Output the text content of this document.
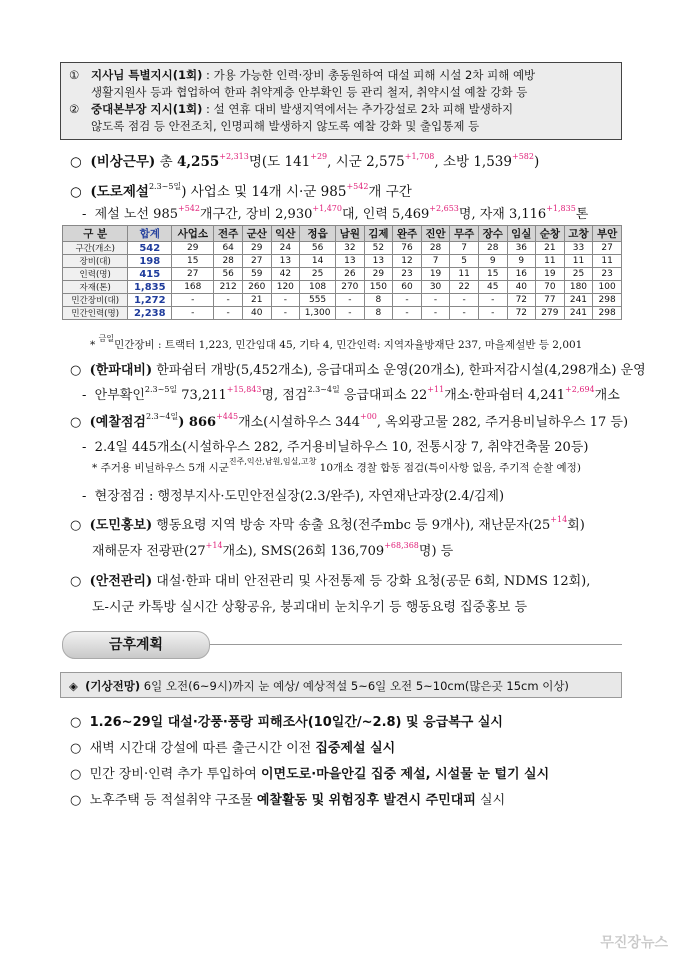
①	지사님 특별지시(1회) : 가용 가능한 인력·장비 총동원하여 대설 피해 시설 2차 피해 예방
생활지원사 등과 협업하여 한파 취약계층 안부확인 등 관리 철저, 취약시설 예찰 강화 등
②	중대본부장 지시(1회) : 설 연휴 대비 발생지역에서는 추가강설로 2차 피해 발생하지
않도록 점검 등 안전조치, 인명피해 발생하지 않도록 예찰 강화 및 출입통제 등
○ (비상근무) 총 $4,255^{+2,313}$명(도 $141^{+29}$, 시군 $2,575^{+1,708}$, 소방 $1,539^{+582}$)
○ (도로제설$^{2.3\sim 5일}$) 사업소 및 14개 시·군 $985^{+542}$개 구간
- 제설 노선 $985^{+542}$개구간, 장비 $2,930^{+1,470}$대, 인력 $5,469^{+2,653}$명, 자재 $3,116^{+1,835}$톤
구 분	합계	사업소	전주	군산	익산	정읍	남원	김제	완주	진안	무주	장수	임실	순창	고창	부안
구간(개소)	542	29	64	29	24	56	32	52	76	28	7	28	36	21	33	27
장비(대)	198	15	28	27	13	14	13	13	12	7	5	9	9	11	11	11
인력(명)	415	27	56	59	42	25	26	29	23	19	11	15	16	19	25	23
자재(톤)	1,835	168	212	260	120	108	270	150	60	30	22	45	40	70	180	100
민간장비(대)	1,272	-	-	21	-	555	-	8	-	-	-	-	72	77	241	298
민간인력(명)	2,238	-	-	40	-	1,300	-	8	-	-	-	-	72	279	241	298
* $^{금일}$민간장비 : 트랙터 1,223, 민간임대 45, 기타 4, 민간인력: 지역자율방재단 237, 마을제설반 등 2,001
○ (한파대비) 한파쉼터 개방(5,452개소), 응급대피소 운영(20개소), 한파저감시설(4,298개소) 운영
- 안부확인$^{2.3\sim 5일}$ $73,211^{+15,843}$명, 점검$^{2.3\sim 4일}$ 응급대피소 $22^{+11}$개소·한파쉼터 $4,241^{+2,694}$개소
○ (예찰점검$^{2.3\sim 4일}$) $866^{+445}$개소(시설하우스 $344^{+00}$, 옥외광고물 282, 주거용비닐하우스 17 등)
- 2.4일 445개소(시설하우스 282, 주거용비닐하우스 10, 전통시장 7, 취약건축물 20등)
* 주거용 비닐하우스 5개 시군$^{진주,익산,남원,임실,고창}$ 10개소 경찰 합동 점검(특이사항 없음, 주기적 순찰 예정)
- 현장점검 : 행정부지사·도민안전실장(2.3/완주), 자연재난과장(2.4/김제)
○ (도민홍보) 행동요령 지역 방송 자막 송출 요청(전주mbc 등 9개사), 재난문자($25^{+14}$회)
재해문자 전광판($27^{+14}$개소), SMS(26회 $136,709^{+68,368}$명) 등
○ (안전관리) 대설·한파 대비 안전관리 및 사전통제 등 강화 요청(공문 6회, NDMS 12회),
도-시군 카톡방 실시간 상황공유, 붕괴대비 눈치우기 등 행동요령 집중홍보 등
금후계획
◈ (기상전망) 6일 오전(6~9시)까지 눈 예상/ 예상적설 5~6일 오전 5~10cm(많은곳 15cm 이상)
○ 1.26~29일 대설·강풍·풍랑 피해조사(10일간/~2.8) 및 응급복구 실시
○ 새벽 시간대 강설에 따른 출근시간 이전 집중제설 실시
○ 민간 장비·인력 추가 투입하여 이면도로·마을안길 집중 제설, 시설물 눈 털기 실시
○ 노후주택 등 적설취약 구조물 예찰활동 및 위험징후 발견시 주민대피 실시
무진장뉴스
